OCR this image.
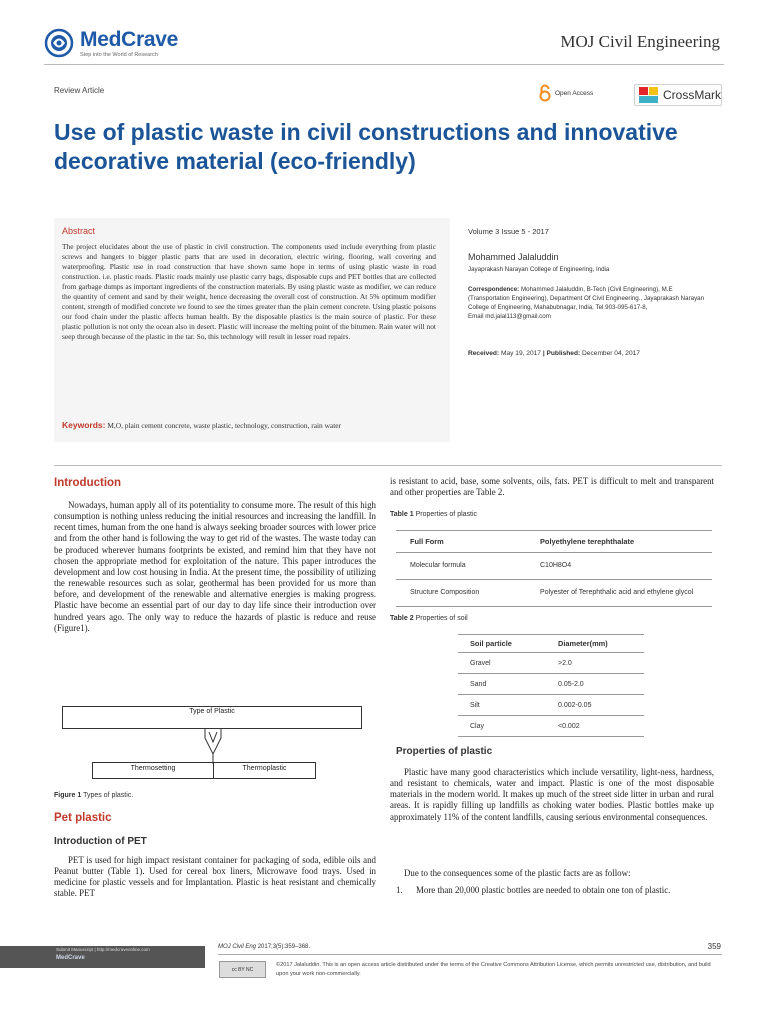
MedCrave
Step into the World of Research
MOJ Civil Engineering
Review Article	Open Access	CrossMark
Use of plastic waste in civil constructions and innovative decorative material (eco-friendly)
Abstract

The project elucidates about the use of plastic in civil construction. The components used include everything from plastic screws and hangers to bigger plastic parts that are used in decoration, electric wiring, flooring, wall covering and waterproofing. Plastic use in road construction that have shown same hope in terms of using plastic waste in road construction. i.e. plastic roads. Plastic roads mainly use plastic carry bags, disposable cups and PET bottles that are collected from garbage dumps as important ingredients of the construction materials. By using plastic waste as modifier, we can reduce the quantity of cement and sand by their weight, hence decreasing the overall cost of construction. At 5% optimum modifier content, strength of modified concrete we found to see the times greater than the plain cement concrete. Using plastic poisons our food chain under the plastic affects human health. By the disposable plastics is the main source of plastic. For these plastic pollution is not only the ocean also in desert. Plastic will increase the melting point of the bitumen. Rain water will not seep through because of the plastic in the tar. So, this technology will result in lesser road repairs.

Keywords: M,O, plain cement concrete, waste plastic, technology, construction, rain water

Volume 3 Issue 5 - 2017
Mohammed Jalaluddin
Jayaprakash Narayan College of Engineering, India
Correspondence: Mohammed Jalaluddin, B-Tech (Civil Engineering), M.E (Transportation Engineering), Department Of Civil Engineering., Jayaprakash Narayan College of Engineering, Mahabubnagar, India, Tel 903-095-617-8,
Email md.jalal113@gmail.com
Received: May 19, 2017 | Published: December 04, 2017
Introduction

Nowadays, human apply all of its potentiality to consume more. The result of this high consumption is nothing unless reducing the initial resources and increasing the landfill. In recent times, human from the one hand is always seeking broader sources with lower price and from the other hand is following the way to get rid of the wastes. The waste today can be produced wherever humans footprints be existed, and remind him that they have not chosen the appropriate method for exploitation of the nature. This paper introduces the development and low cost housing in India. At the present time, the possibility of utilizing the renewable resources such as solar, geothermal has been provided for us more than before, and development of the renewable and alternative energies is making progress. Plastic have become an essential part of our day to day life since their introduction over hundred years ago. The only way to reduce the hazards of plastic is reduce and reuse (Figure1).

Type of Plastic
Thermosetting	Thermoplastic
Figure 1 Types of plastic.
Pet plastic
Introduction of PET

PET is used for high impact resistant container for packaging of soda, edible oils and Peanut butter (Table 1). Used for cereal box liners, Microwave food trays. Used in medicine for plastic vessels and for Implantation. Plastic is heat resistant and chemically stable. PET

is resistant to acid, base, some solvents, oils, fats. PET is difficult to melt and transparent and other properties are Table 2.

Table 1 Properties of plastic
Full Form	Polyethylene terephthalate
Molecular formula	C10H8O4
Structure Composition	Polyester of Terephthalic acid and ethylene glycol
Table 2 Properties of soil
Soil particle	Diameter(mm)
Gravel	>2.0
Sand	0.05-2.0
Silt	0.002-0.05
Clay	<0.002
Properties of plastic

Plastic have many good characteristics which include versatility, light-ness, hardness, and resistant to chemicals, water and impact. Plastic is one of the most disposable materials in the modern world. It makes up much of the street side litter in urban and rural areas. It is rapidly filling up landfills as choking water bodies. Plastic bottles make up approximately 11% of the content landfills, causing serious environmental consequences.

Due to the consequences some of the plastic facts are as follow:

1. More than 20,000 plastic bottles are needed to obtain one ton of plastic.

Submit Manuscript | http://medcraveonline.com
MedCrave
MOJ Civil Eng 2017;3(5):359‒368.	359
cc BY NC

©2017 Jalaluddin. This is an open access article distributed under the terms of the Creative Commons Attribution License, which permits unrestricted use, distribution, and build upon your work non-commercially.
